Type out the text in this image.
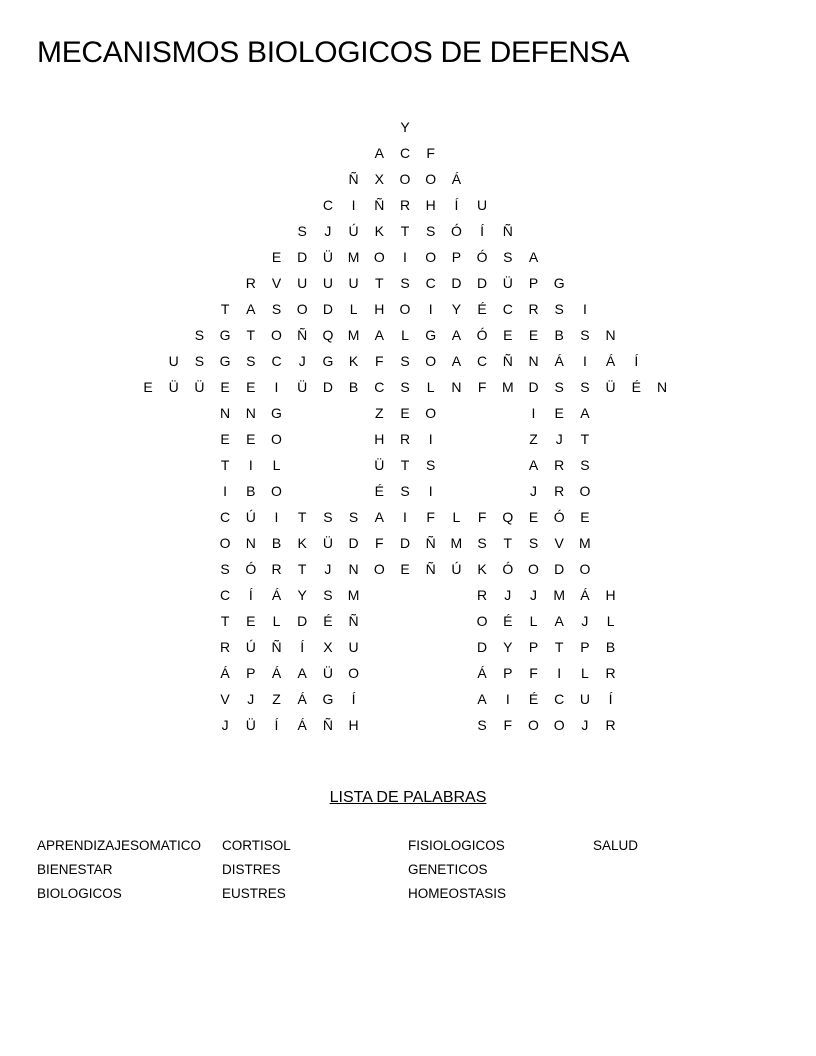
MECANISMOS BIOLOGICOS DE DEFENSA
Y
A	C	F
Ñ	X	O	O	Á
C	I	Ñ	R	H	Í	U
S	J	Ú	K	T	S	Ó	Í	Ñ
E	D	Ü	M	O	I	O	P	Ó	S	A
R	V	U	U	U	T	S	C	D	D	Ü	P	G
T	A	S	O	D	L	H	O	I	Y	É	C	R	S	I
S	G	T	O	Ñ	Q	M	A	L	G	A	Ó	E	E	B	S	N
U	S	G	S	C	J	G	K	F	S	O	A	C	Ñ	N	Á	I	Á	Í
E	Ü	Ü	E	E	I	Ü	D	B	C	S	L	N	F	M	D	S	S	Ü	É	N
N	N	G	Z	E	O	I	E	A
E	E	O	H	R	I	Z	J	T
T	I	L	Ü	T	S	A	R	S
I	B	O	É	S	I	J	R	O
C	Ú	I	T	S	S	A	I	F	L	F	Q	E	Ó	E
O	N	B	K	Ü	D	F	D	Ñ	M	S	T	S	V	M
S	Ó	R	T	J	N	O	E	Ñ	Ú	K	Ó	O	D	O
C	Í	Á	Y	S	M	R	J	J	M	Á	H
T	E	L	D	É	Ñ	O	É	L	A	J	L
R	Ú	Ñ	Í	X	U	D	Y	P	T	P	B
Á	P	Á	A	Ü	O	Á	P	F	I	L	R
V	J	Z	Á	G	Í	A	I	É	C	U	Í
J	Ü	Í	Á	Ñ	H	S	F	O	O	J	R
LISTA DE PALABRAS
APRENDIZAJESOMATICO
BIENESTAR
BIOLOGICOS
CORTISOL
DISTRES
EUSTRES
FISIOLOGICOS
GENETICOS
HOMEOSTASIS
SALUD
